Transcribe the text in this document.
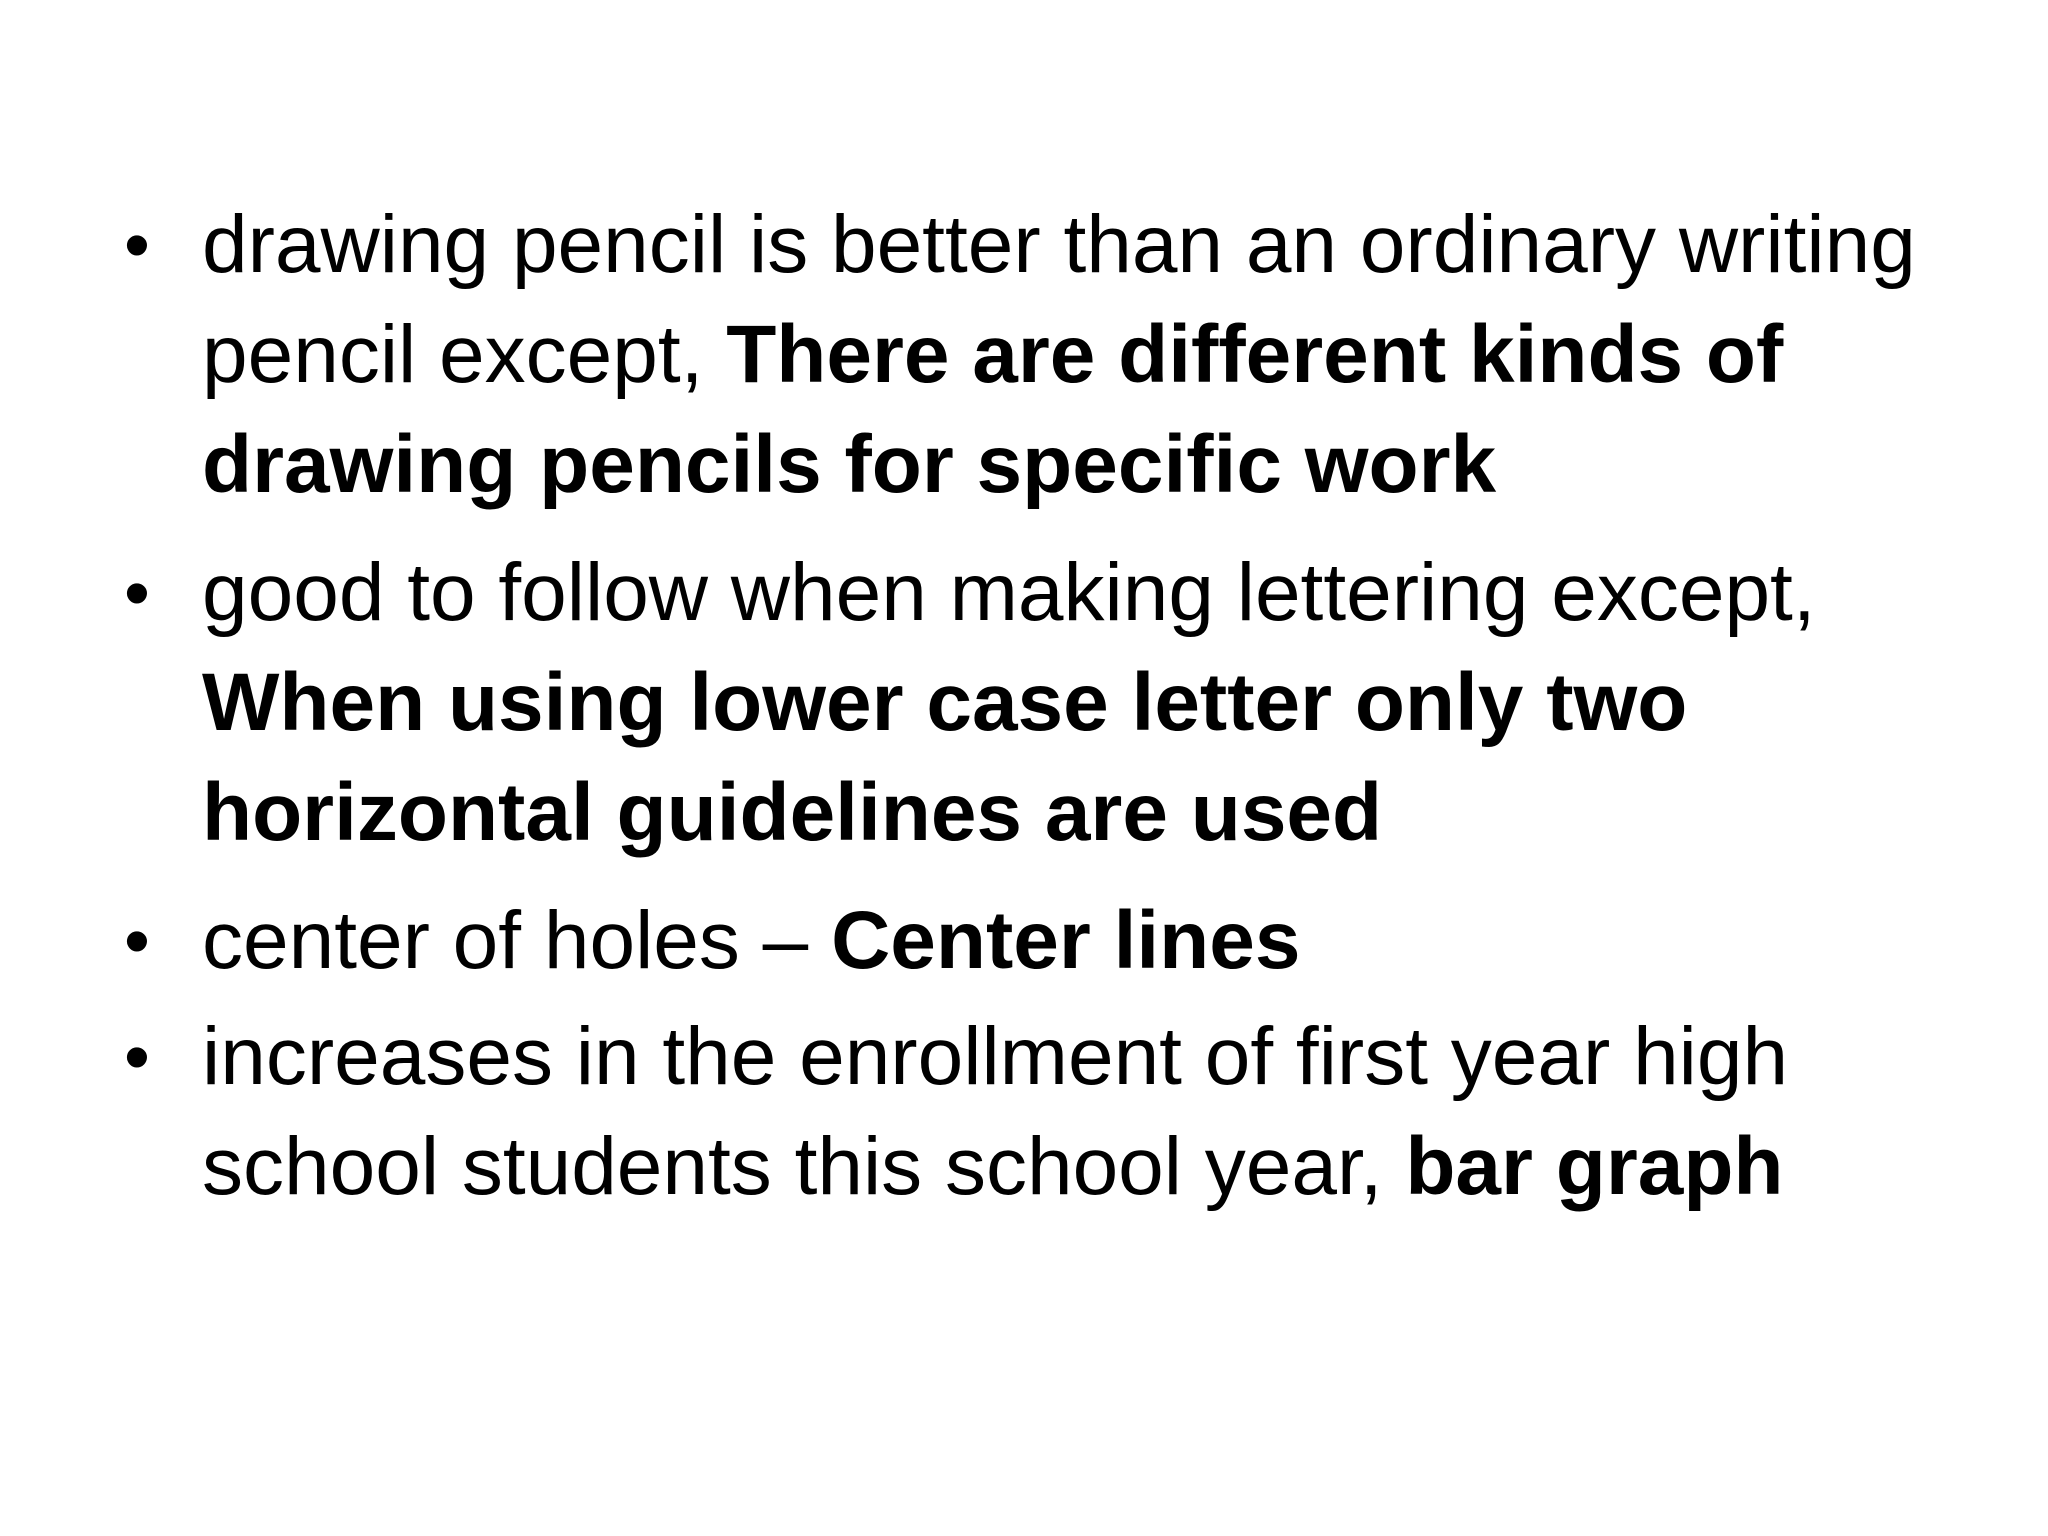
• drawing pencil is better than an ordinary writing pencil except, There are different kinds of drawing pencils for specific work
• good to follow when making lettering except, When using lower case letter only two horizontal guidelines are used
• center of holes – Center lines
• increases in the enrollment of first year high school students this school year, bar graph
